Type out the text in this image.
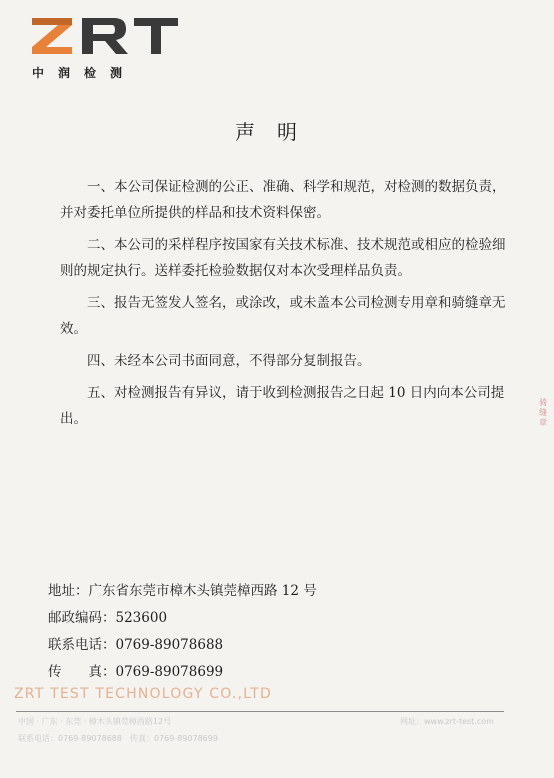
中润检测
声明

一、本公司保证检测的公正、准确、科学和规范，对检测的数据负责，并对委托单位所提供的样品和技术资料保密。

二、本公司的采样程序按国家有关技术标准、技术规范或相应的检验细则的规定执行。送样委托检验数据仅对本次受理样品负责。

三、报告无签发人签名，或涂改，或未盖本公司检测专用章和骑缝章无效。

四、未经本公司书面同意，不得部分复制报告。

五、对检测报告有异议，请于收到检测报告之日起 10 日内向本公司提出。

地址：广东省东莞市樟木头镇莞樟西路 12 号
邮政编码：523600
联系电话：0769-89078688
传　　真：0769-89078699
ZRT TEST TECHNOLOGY CO.,LTD
中国 · 广东 · 东莞 · 樟木头镇莞樟西路12号	网址：www.zrt-test.com
联系电话：0769-89078688　传真：0769-89078699
骑
缝
章
